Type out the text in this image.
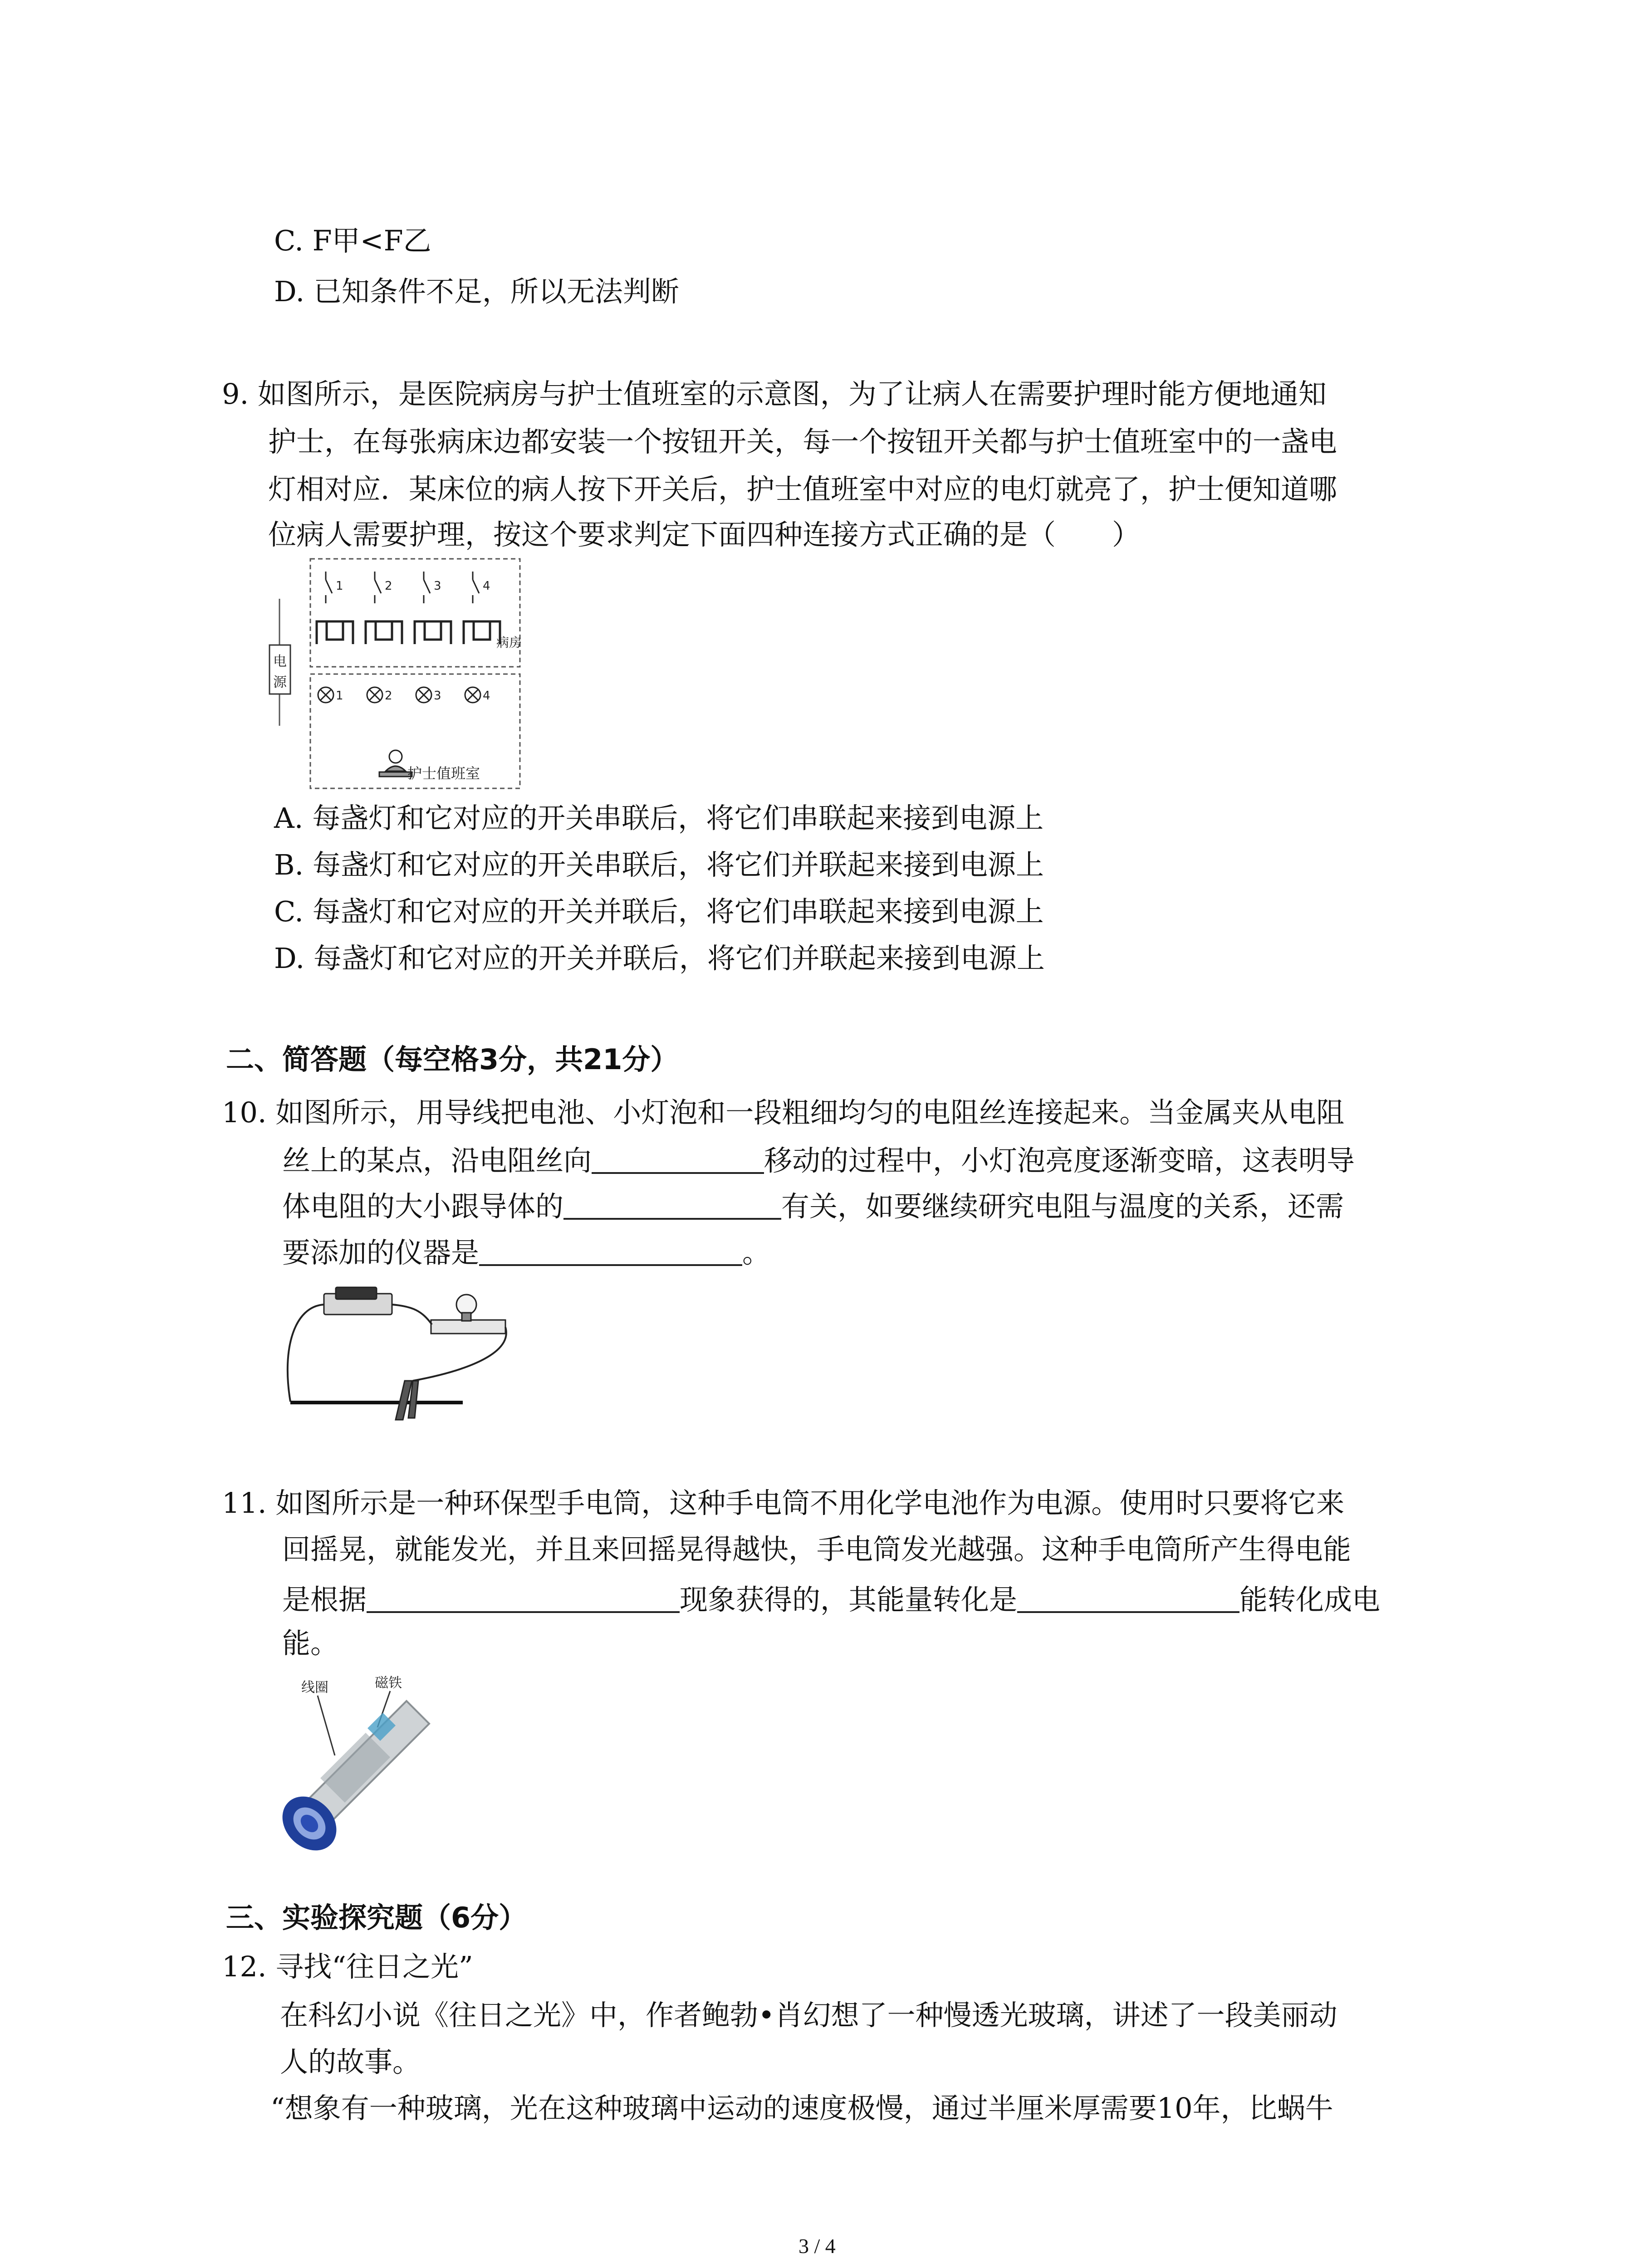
C. F甲<F乙
D. 已知条件不足，所以无法判断
9. 如图所示，是医院病房与护士值班室的示意图，为了让病人在需要护理时能方便地通知
护士，在每张病床边都安装一个按钮开关，每一个按钮开关都与护士值班室中的一盏电
灯相对应．某床位的病人按下开关后，护士值班室中对应的电灯就亮了，护士便知道哪
位病人需要护理，按这个要求判定下面四种连接方式正确的是（　　）
电
源
1	2	3	4
病房
1	2	3	4
护士值班室
A. 每盏灯和它对应的开关串联后，将它们串联起来接到电源上
B. 每盏灯和它对应的开关串联后，将它们并联起来接到电源上
C. 每盏灯和它对应的开关并联后，将它们串联起来接到电源上
D. 每盏灯和它对应的开关并联后，将它们并联起来接到电源上
二、简答题（每空格3分，共21分）
10. 如图所示，用导线把电池、小灯泡和一段粗细均匀的电阻丝连接起来。当金属夹从电阻
丝上的某点，沿电阻丝向	移动的过程中，小灯泡亮度逐渐变暗，这表明导
体电阻的大小跟导体的	有关，如要继续研究电阻与温度的关系，还需
要添加的仪器是	。
11. 如图所示是一种环保型手电筒，这种手电筒不用化学电池作为电源。使用时只要将它来
回摇晃，就能发光，并且来回摇晃得越快，手电筒发光越强。这种手电筒所产生得电能
是根据	现象获得的，其能量转化是	能转化成电
能。
线圈	磁铁
三、实验探究题（6分）
12. 寻找“往日之光”
在科幻小说《往日之光》中，作者鲍勃•肖幻想了一种慢透光玻璃，讲述了一段美丽动
人的故事。
“想象有一种玻璃，光在这种玻璃中运动的速度极慢，通过半厘米厚需要10年，比蜗牛
3 / 4
